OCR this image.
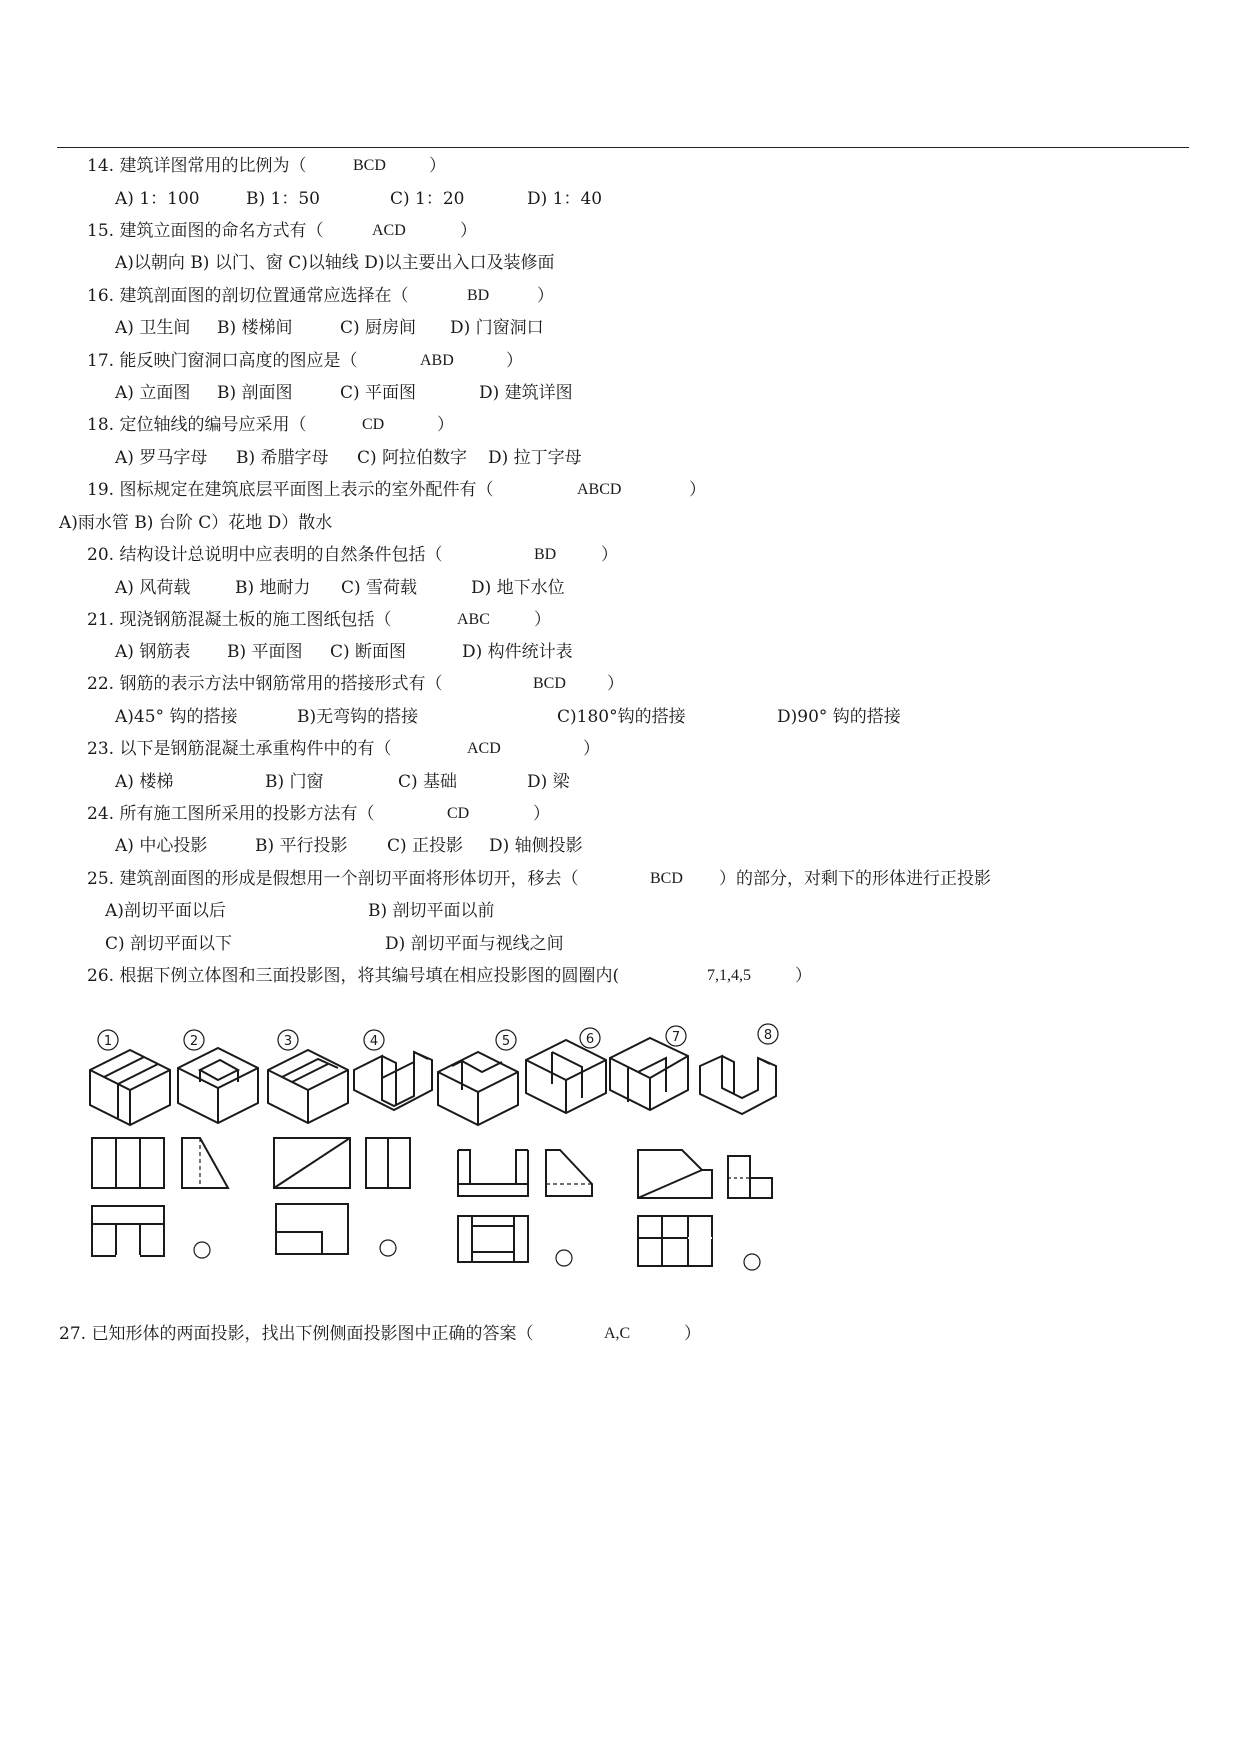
14. 建筑详图常用的比例为（	BCD	）
A) 1：100	B) 1：50	C) 1：20	D) 1：40
15. 建筑立面图的命名方式有（	ACD	）
A)以朝向 B) 以门、窗 C)以轴线 D)以主要出入口及装修面
16. 建筑剖面图的剖切位置通常应选择在（	BD	）
A) 卫生间 B) 楼梯间	C) 厨房间 D) 门窗洞口
17. 能反映门窗洞口高度的图应是（	ABD	）
A) 立面图 B) 剖面图	C) 平面图	D) 建筑详图
18. 定位轴线的编号应采用（	CD	）
A) 罗马字母 B) 希腊字母 C) 阿拉伯数字 D) 拉丁字母
19. 图标规定在建筑底层平面图上表示的室外配件有（	ABCD	）
A)雨水管 B) 台阶 C）花地 D）散水
20. 结构设计总说明中应表明的自然条件包括（	BD	）
A) 风荷载	B) 地耐力 C) 雪荷载	D) 地下水位
21. 现浇钢筋混凝土板的施工图纸包括（	ABC	）
A) 钢筋表 B) 平面图 C) 断面图	D) 构件统计表
22. 钢筋的表示方法中钢筋常用的搭接形式有（	BCD ）
A)45° 钩的搭接	B)无弯钩的搭接	C)180°钩的搭接	D)90° 钩的搭接
23. 以下是钢筋混凝土承重构件中的有（	ACD	）
A) 楼梯	B) 门窗	C) 基础	D) 梁
24. 所有施工图所采用的投影方法有（	CD	）
A) 中心投影	B) 平行投影 C) 正投影 D) 轴侧投影
25. 建筑剖面图的形成是假想用一个剖切平面将形体切开，移去（	BCD ）的部分，对剩下的形体进行正投影
A)剖切平面以后	B) 剖切平面以前
C) 剖切平面以下	D) 剖切平面与视线之间
26. 根据下例立体图和三面投影图，将其编号填在相应投影图的圆圈内(	7,1,4,5	）
1	2	3	4	5	6	7	8
27. 已知形体的两面投影，找出下例侧面投影图中正确的答案（	A,C	）
